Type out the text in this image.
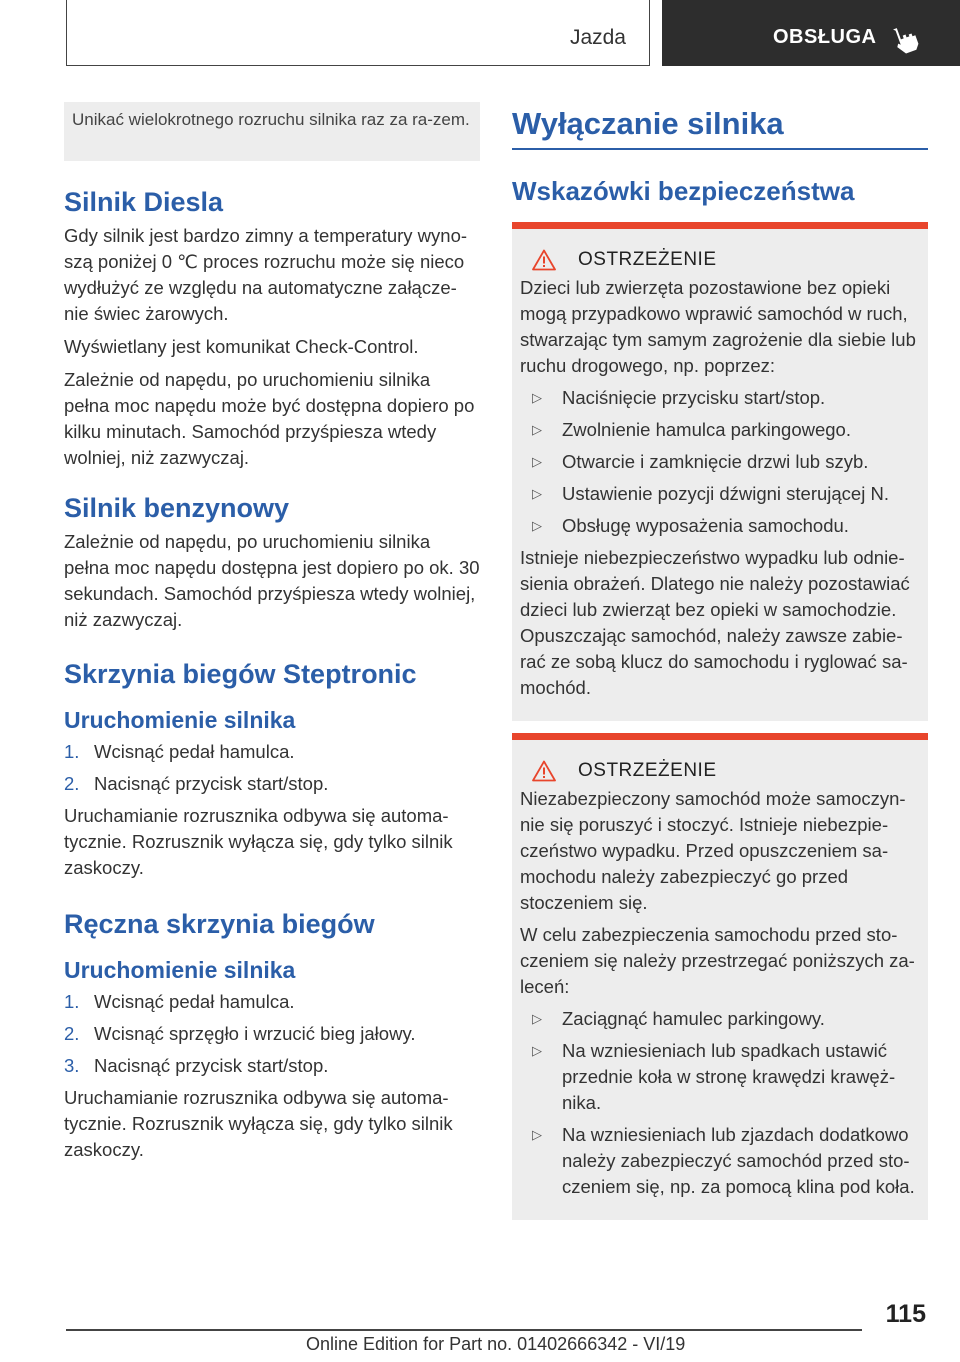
Jazda	OBSŁUGA
Unikać wielokrotnego rozruchu silnika raz za ra‐zem.
Silnik Diesla

Gdy silnik jest bardzo zimny a temperatury wyno‐szą poniżej 0 ℃ proces rozruchu może się nieco wydłużyć ze względu na automatyczne załącze‐nie świec żarowych.

Wyświetlany jest komunikat Check-Control.

Zależnie od napędu, po uruchomieniu silnika pełna moc napędu może być dostępna dopiero po kilku minutach. Samochód przyśpiesza wtedy wolniej, niż zazwyczaj.

Silnik benzynowy

Zależnie od napędu, po uruchomieniu silnika pełna moc napędu dostępna jest dopiero po ok. 30 sekundach. Samochód przyśpiesza wtedy wolniej, niż zazwyczaj.

Skrzynia biegów Steptronic
Uruchomienie silnika
1. Wcisnąć pedał hamulca.
2. Nacisnąć przycisk start/stop.

Uruchamianie rozrusznika odbywa się automa‐tycznie. Rozrusznik wyłącza się, gdy tylko silnik zaskoczy.

Ręczna skrzynia biegów
Uruchomienie silnika
1. Wcisnąć pedał hamulca.
2. Wcisnąć sprzęgło i wrzucić bieg jałowy.
3. Nacisnąć przycisk start/stop.

Uruchamianie rozrusznika odbywa się automa‐tycznie. Rozrusznik wyłącza się, gdy tylko silnik zaskoczy.

Wyłączanie silnika
Wskazówki bezpieczeństwa
OSTRZEŻENIE

Dzieci lub zwierzęta pozostawione bez opieki mogą przypadkowo wprawić samochód w ruch, stwarzając tym samym zagrożenie dla siebie lub ruchu drogowego, np. poprzez:

▷	Naciśnięcie przycisku start/stop.
▷	Zwolnienie hamulca parkingowego.
▷	Otwarcie i zamknięcie drzwi lub szyb.
▷	Ustawienie pozycji dźwigni sterującej N.
▷	Obsługę wyposażenia samochodu.

Istnieje niebezpieczeństwo wypadku lub odnie‐sienia obrażeń. Dlatego nie należy pozostawiać dzieci lub zwierząt bez opieki w samochodzie. Opuszczając samochód, należy zawsze zabie‐rać ze sobą klucz do samochodu i ryglować sa‐mochód.

OSTRZEŻENIE

Niezabezpieczony samochód może samoczyn‐nie się poruszyć i stoczyć. Istnieje niebezpie‐czeństwo wypadku. Przed opuszczeniem sa‐mochodu należy zabezpieczyć go przed stoczeniem się.

W celu zabezpieczenia samochodu przed sto‐czeniem się należy przestrzegać poniższych za‐leceń:

▷	Zaciągnąć hamulec parkingowy.
▷	Na wzniesieniach lub spadkach ustawić przednie koła w stronę krawędzi krawęż‐nika.
▷	Na wzniesieniach lub zjazdach dodatkowo należy zabezpieczyć samochód przed sto‐czeniem się, np. za pomocą klina pod koła.
115
Online Edition for Part no. 01402666342 - VI/19
